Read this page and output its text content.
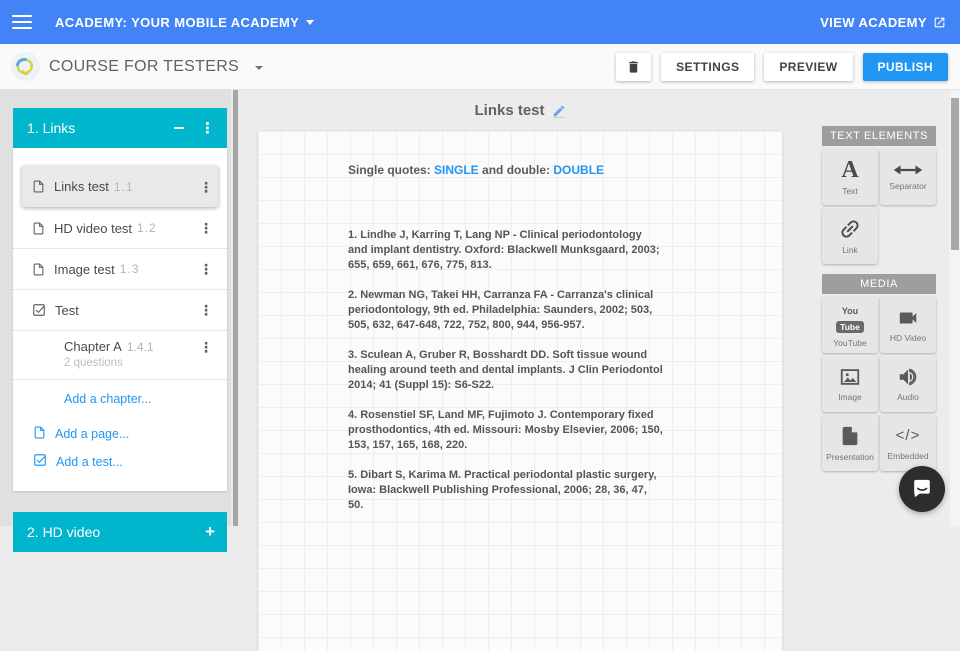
ACADEMY: YOUR MOBILE ACADEMY	VIEW ACADEMY
COURSE FOR TESTERS	SETTINGS	PREVIEW	PUBLISH
1. Links	⋮
Links test 1.1	⋮
HD video test 1.2	⋮
Image test 1.3	⋮
Test	⋮
Chapter A 1.4.1	⋮
2 questions
Add a chapter...
Add a page...
Add a test...
2. HD video	+
Links test

Single quotes: SINGLE and double: DOUBLE

1. Lindhe J, Karring T, Lang NP - Clinical periodontology and implant dentistry. Oxford: Blackwell Munksgaard, 2003; 655, 659, 661, 676, 775, 813.

2. Newman NG, Takei HH, Carranza FA - Carranza's clinical periodontology, 9th ed. Philadelphia: Saunders, 2002; 503, 505, 632, 647-648, 722, 752, 800, 944, 956-957.

3. Sculean A, Gruber R, Bosshardt DD. Soft tissue wound healing around teeth and dental implants. J Clin Periodontol 2014; 41 (Suppl 15): S6-S22.

4. Rosenstiel SF, Land MF, Fujimoto J. Contemporary fixed prosthodontics, 4th ed. Missouri: Mosby Elsevier, 2006; 150, 153, 157, 165, 168, 220.

5. Dibart S, Karima M. Practical periodontal plastic surgery, Iowa: Blackwell Publishing Professional, 2006; 28, 36, 47, 50.

TEXT ELEMENTS
A
Text	Separator
Link
MEDIA
You
Tube
YouTube	HD Video
Image	Audio
Presentation
</>
Embedded
